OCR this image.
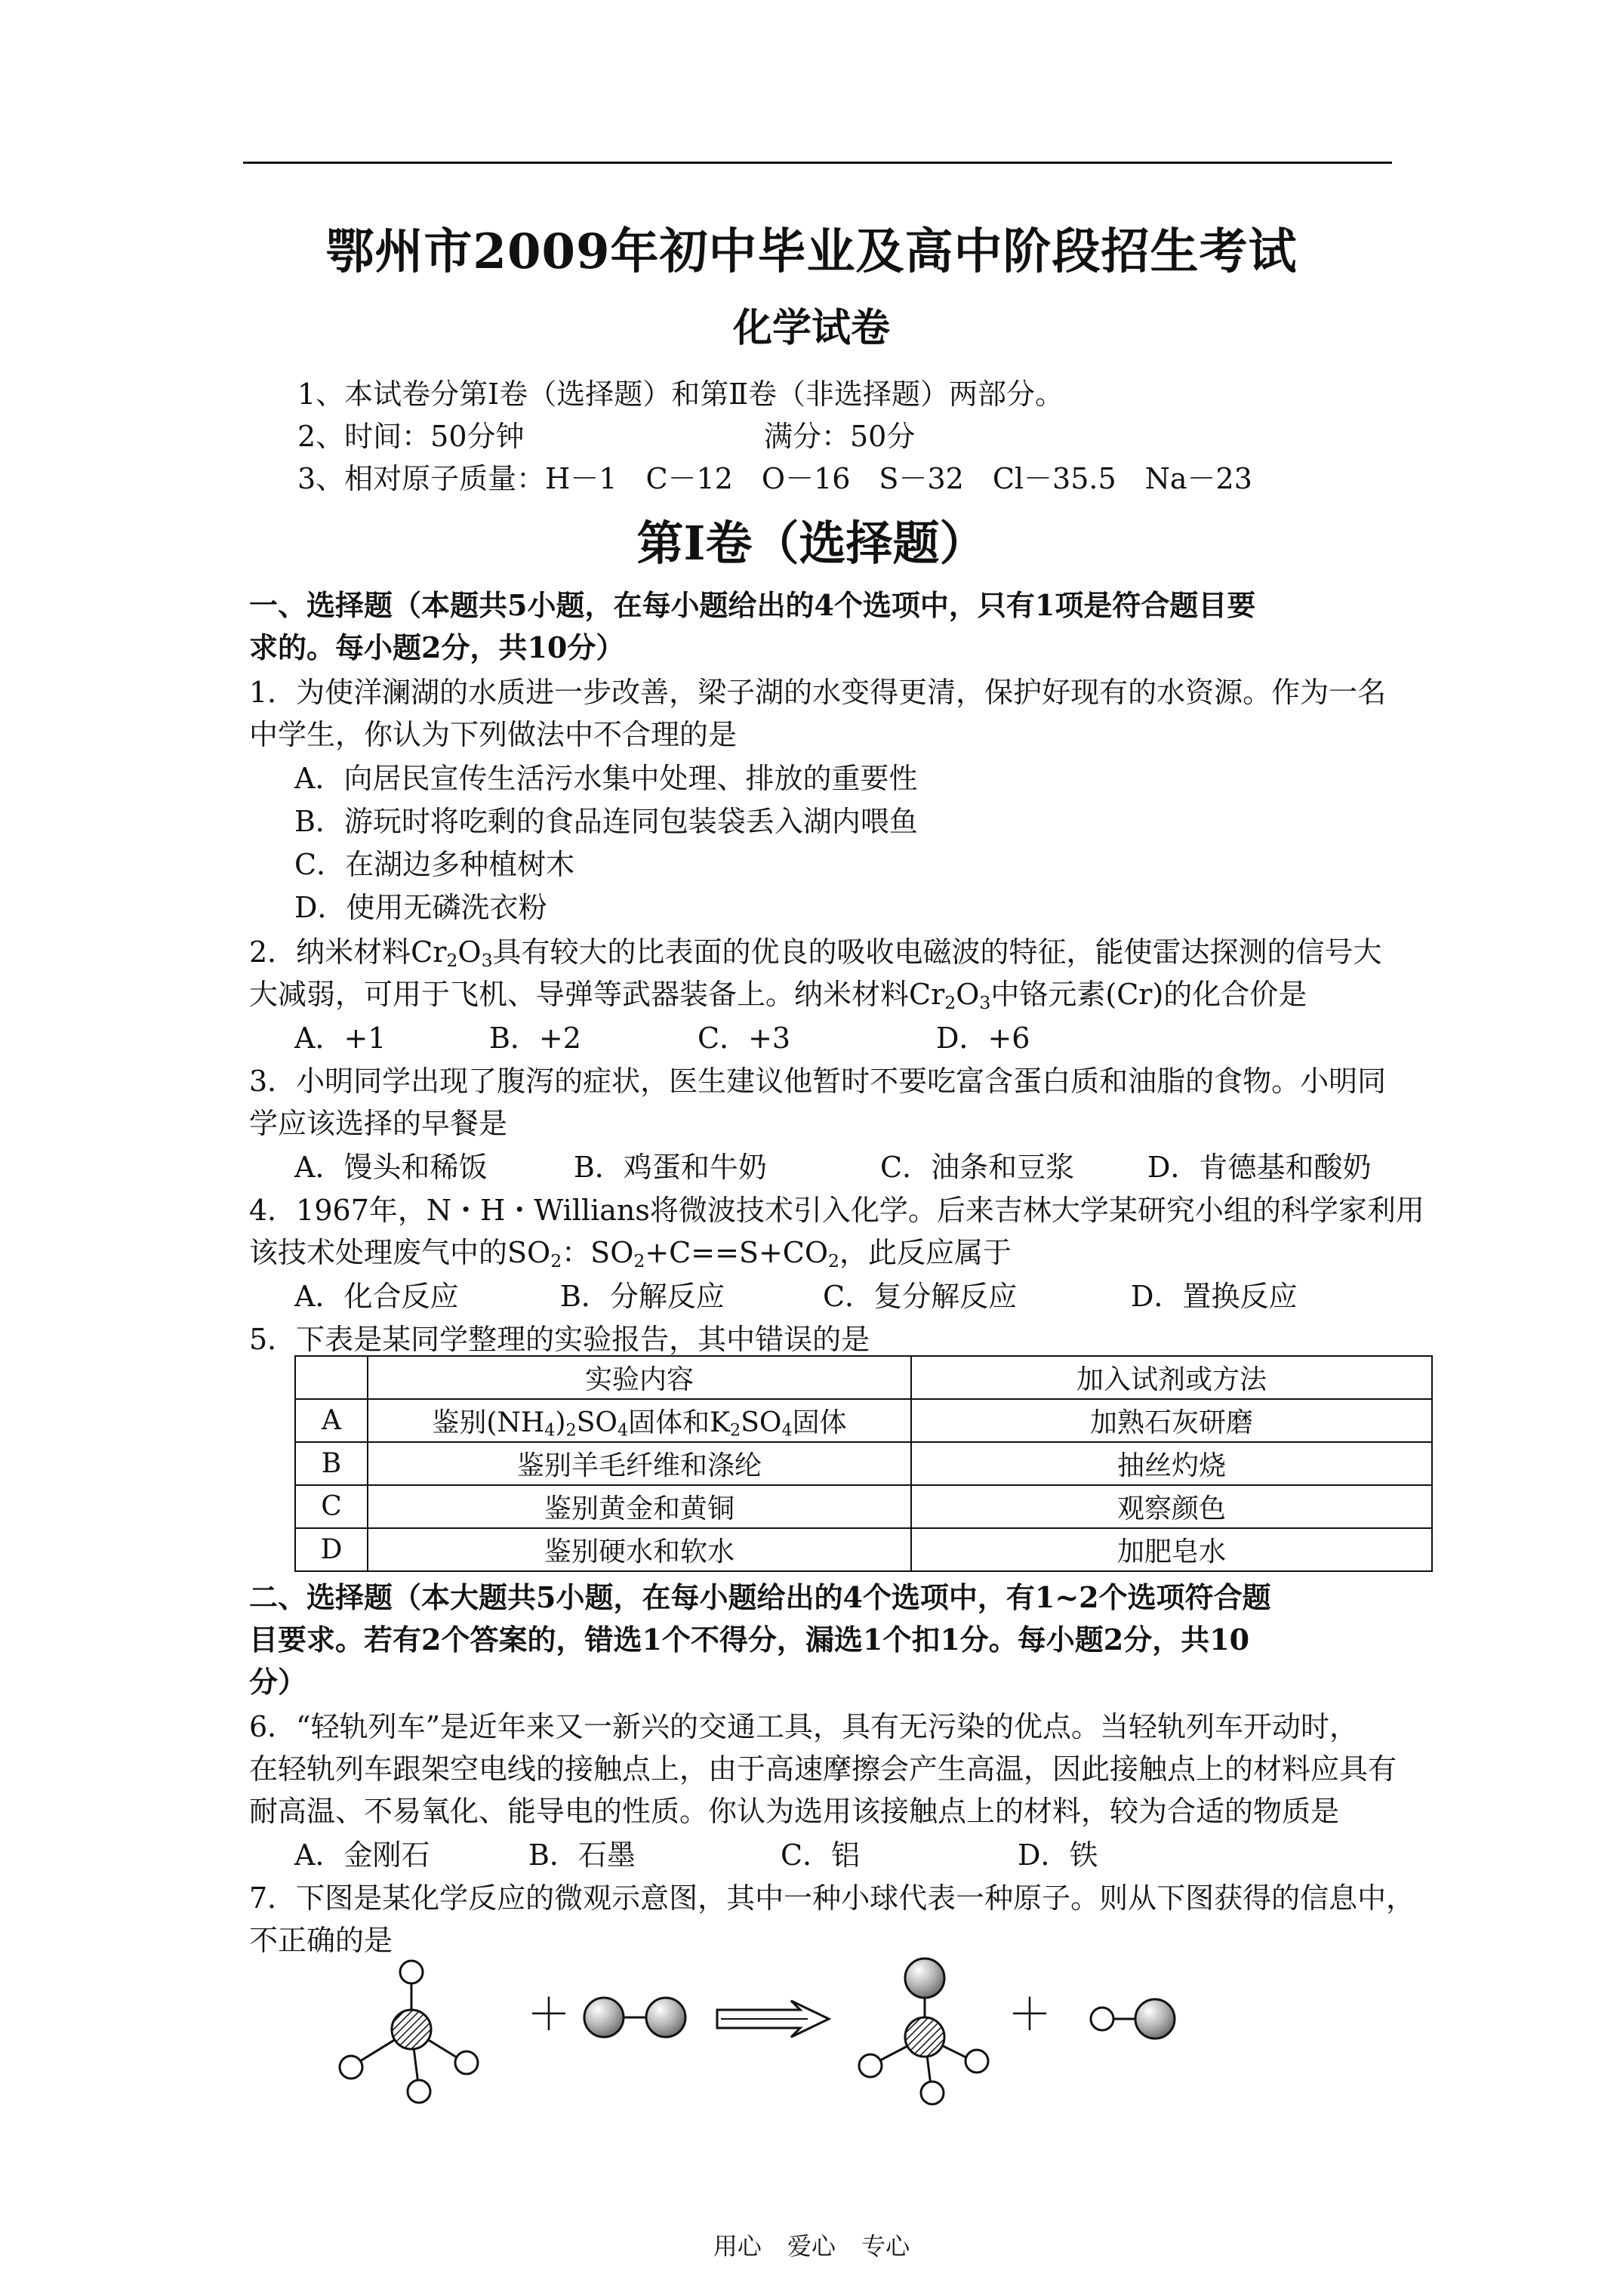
鄂州市2009年初中毕业及高中阶段招生考试
化学试卷
1、本试卷分第Ⅰ卷（选择题）和第Ⅱ卷（非选择题）两部分。
2、时间：50分钟	满分：50分
3、相对原子质量：H－1　C－12　O－16　S－32　Cl－35.5　Na－23
第Ⅰ卷（选择题）
一、选择题（本题共5小题，在每小题给出的4个选项中，只有1项是符合题目要
求的。每小题2分，共10分）
1．为使洋澜湖的水质进一步改善，梁子湖的水变得更清，保护好现有的水资源。作为一名
中学生，你认为下列做法中不合理的是
A．向居民宣传生活污水集中处理、排放的重要性
B．游玩时将吃剩的食品连同包装袋丢入湖内喂鱼
C．在湖边多种植树木
D．使用无磷洗衣粉
2．纳米材料$Cr_2O_3$具有较大的比表面的优良的吸收电磁波的特征，能使雷达探测的信号大
大减弱，可用于飞机、导弹等武器装备上。纳米材料$Cr_2O_3$中铬元素(Cr)的化合价是
A．+1	B．+2	C．+3	D．+6
3．小明同学出现了腹泻的症状，医生建议他暂时不要吃富含蛋白质和油脂的食物。小明同
学应该选择的早餐是
A．馒头和稀饭	B．鸡蛋和牛奶	C．油条和豆浆	D．肯德基和酸奶
4．1967年，N・H・Willians将微波技术引入化学。后来吉林大学某研究小组的科学家利用
该技术处理废气中的$SO_2$：$SO_2+C==S+CO_2$，此反应属于
A．化合反应	B．分解反应	C．复分解反应	D．置换反应
5．下表是某同学整理的实验报告，其中错误的是
	实验内容	加入试剂或方法
A	鉴别$(NH_4)_2SO_4$固体和$K_2SO_4$固体	加熟石灰研磨
B	鉴别羊毛纤维和涤纶	抽丝灼烧
C	鉴别黄金和黄铜	观察颜色
D	鉴别硬水和软水	加肥皂水
二、选择题（本大题共5小题，在每小题给出的4个选项中，有1~2个选项符合题
目要求。若有2个答案的，错选1个不得分，漏选1个扣1分。每小题2分，共10
分）
6．“轻轨列车”是近年来又一新兴的交通工具，具有无污染的优点。当轻轨列车开动时，
在轻轨列车跟架空电线的接触点上，由于高速摩擦会产生高温，因此接触点上的材料应具有
耐高温、不易氧化、能导电的性质。你认为选用该接触点上的材料，较为合适的物质是
A．金刚石	B．石墨	C．铝	D．铁
7．下图是某化学反应的微观示意图，其中一种小球代表一种原子。则从下图获得的信息中，
不正确的是
＋	＋
用心 爱心 专心
